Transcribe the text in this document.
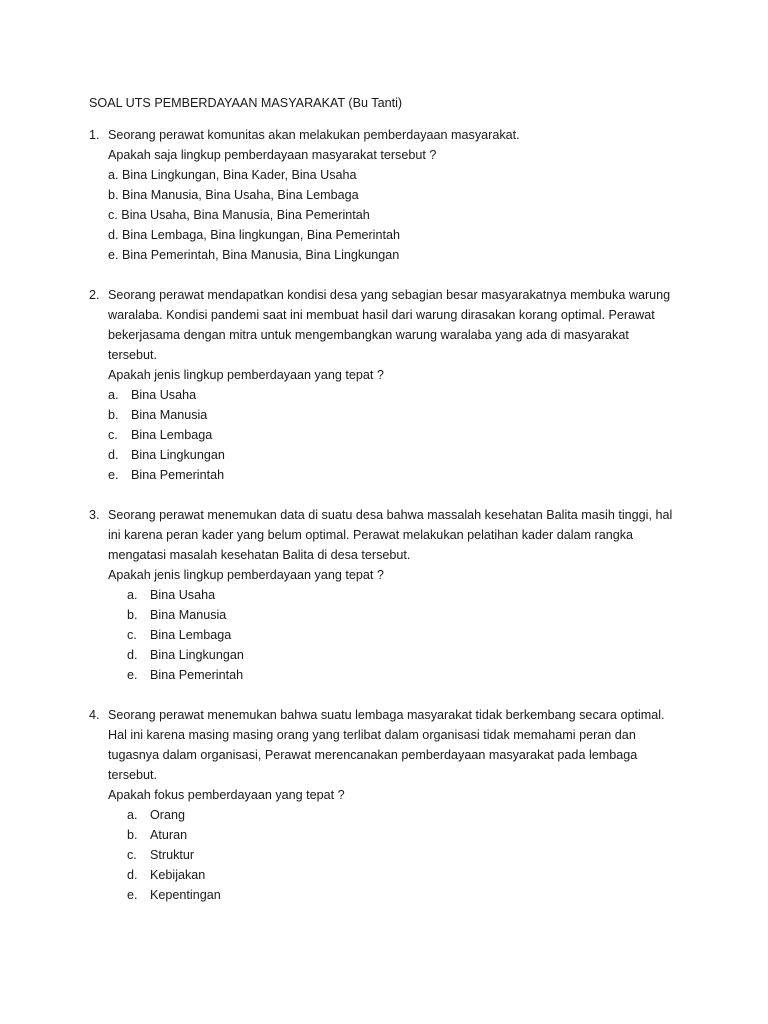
SOAL UTS PEMBERDAYAAN MASYARAKAT (Bu Tanti)
1. Seorang perawat komunitas akan melakukan pemberdayaan masyarakat.
Apakah saja lingkup pemberdayaan masyarakat tersebut ?
a. Bina Lingkungan, Bina Kader, Bina Usaha
b. Bina Manusia, Bina Usaha, Bina Lembaga
c. Bina Usaha, Bina Manusia, Bina Pemerintah
d. Bina Lembaga, Bina lingkungan, Bina Pemerintah
e. Bina Pemerintah, Bina Manusia, Bina Lingkungan
2. Seorang perawat mendapatkan kondisi desa yang sebagian besar masyarakatnya membuka warung
waralaba. Kondisi pandemi saat ini membuat hasil dari warung dirasakan korang optimal. Perawat
bekerjasama dengan mitra untuk mengembangkan warung waralaba yang ada di masyarakat
tersebut.
Apakah jenis lingkup pemberdayaan yang tepat ?
a. Bina Usaha
b. Bina Manusia
c. Bina Lembaga
d. Bina Lingkungan
e. Bina Pemerintah
3. Seorang perawat menemukan data di suatu desa bahwa massalah kesehatan Balita masih tinggi, hal
ini karena peran kader yang belum optimal. Perawat melakukan pelatihan kader dalam rangka
mengatasi masalah kesehatan Balita di desa tersebut.
Apakah jenis lingkup pemberdayaan yang tepat ?
a. Bina Usaha
b. Bina Manusia
c. Bina Lembaga
d. Bina Lingkungan
e. Bina Pemerintah
4. Seorang perawat menemukan bahwa suatu lembaga masyarakat tidak berkembang secara optimal.
Hal ini karena masing masing orang yang terlibat dalam organisasi tidak memahami peran dan
tugasnya dalam organisasi, Perawat merencanakan pemberdayaan masyarakat pada lembaga
tersebut.
Apakah fokus pemberdayaan yang tepat ?
a. Orang
b. Aturan
c. Struktur
d. Kebijakan
e. Kepentingan
